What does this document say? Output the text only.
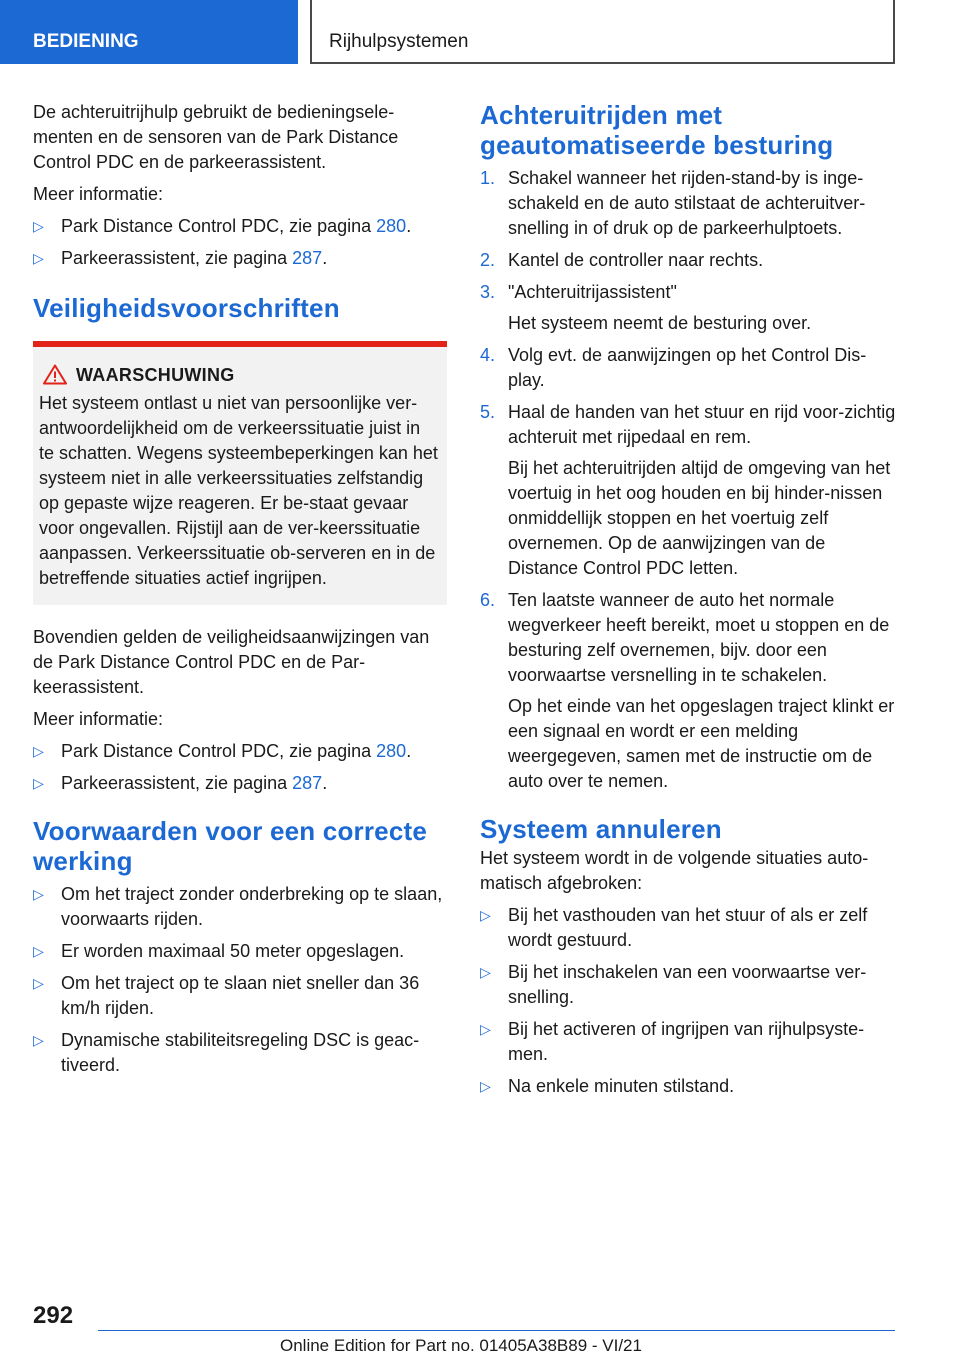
BEDIENING	Rijhulpsystemen

De achteruitrijhulp gebruikt de bedieningsele-menten en de sensoren van de Park Distance Control PDC en de parkeerassistent.

Meer informatie:

▷ Park Distance Control PDC, zie pagina 280.
▷ Parkeerassistent, zie pagina 287.
Veiligheidsvoorschriften
WAARSCHUWING
Het systeem ontlast u niet van persoonlijke ver-antwoordelijkheid om de verkeerssituatie juist in te schatten. Wegens systeembeperkingen kan het systeem niet in alle verkeerssituaties zelfstandig op gepaste wijze reageren. Er be-staat gevaar voor ongevallen. Rijstijl aan de ver-keerssituatie aanpassen. Verkeerssituatie ob-serveren en in de betreffende situaties actief ingrijpen.

Bovendien gelden de veiligheidsaanwijzingen van de Park Distance Control PDC en de Par-keerassistent.

Meer informatie:

▷ Park Distance Control PDC, zie pagina 280.
▷ Parkeerassistent, zie pagina 287.
Voorwaarden voor een correcte werking
▷ Om het traject zonder onderbreking op te slaan, voorwaarts rijden.
▷ Er worden maximaal 50 meter opgeslagen.
▷ Om het traject op te slaan niet sneller dan 36 km/h rijden.
▷ Dynamische stabiliteitsregeling DSC is geac-tiveerd.
Achteruitrijden met geautomatiseerde besturing
1. Schakel wanneer het rijden-stand-by is inge-schakeld en de auto stilstaat de achteruitver-snelling in of druk op de parkeerhulptoets.
2. Kantel de controller naar rechts.
3. "Achteruitrijassistent"

Het systeem neemt de besturing over.

4. Volg evt. de aanwijzingen op het Control Dis-play.
5. Haal de handen van het stuur en rijd voor-zichtig achteruit met rijpedaal en rem.

Bij het achteruitrijden altijd de omgeving van het voertuig in het oog houden en bij hinder-nissen onmiddellijk stoppen en het voertuig zelf overnemen. Op de aanwijzingen van de Distance Control PDC letten.

6. Ten laatste wanneer de auto het normale wegverkeer heeft bereikt, moet u stoppen en de besturing zelf overnemen, bijv. door een voorwaartse versnelling in te schakelen.

Op het einde van het opgeslagen traject klinkt er een signaal en wordt er een melding weergegeven, samen met de instructie om de auto over te nemen.

Systeem annuleren

Het systeem wordt in de volgende situaties auto-matisch afgebroken:

▷ Bij het vasthouden van het stuur of als er zelf wordt gestuurd.
▷ Bij het inschakelen van een voorwaartse ver-snelling.
▷ Bij het activeren of ingrijpen van rijhulpsyste-men.
▷ Na enkele minuten stilstand.
292
Online Edition for Part no. 01405A38B89 - VI/21
